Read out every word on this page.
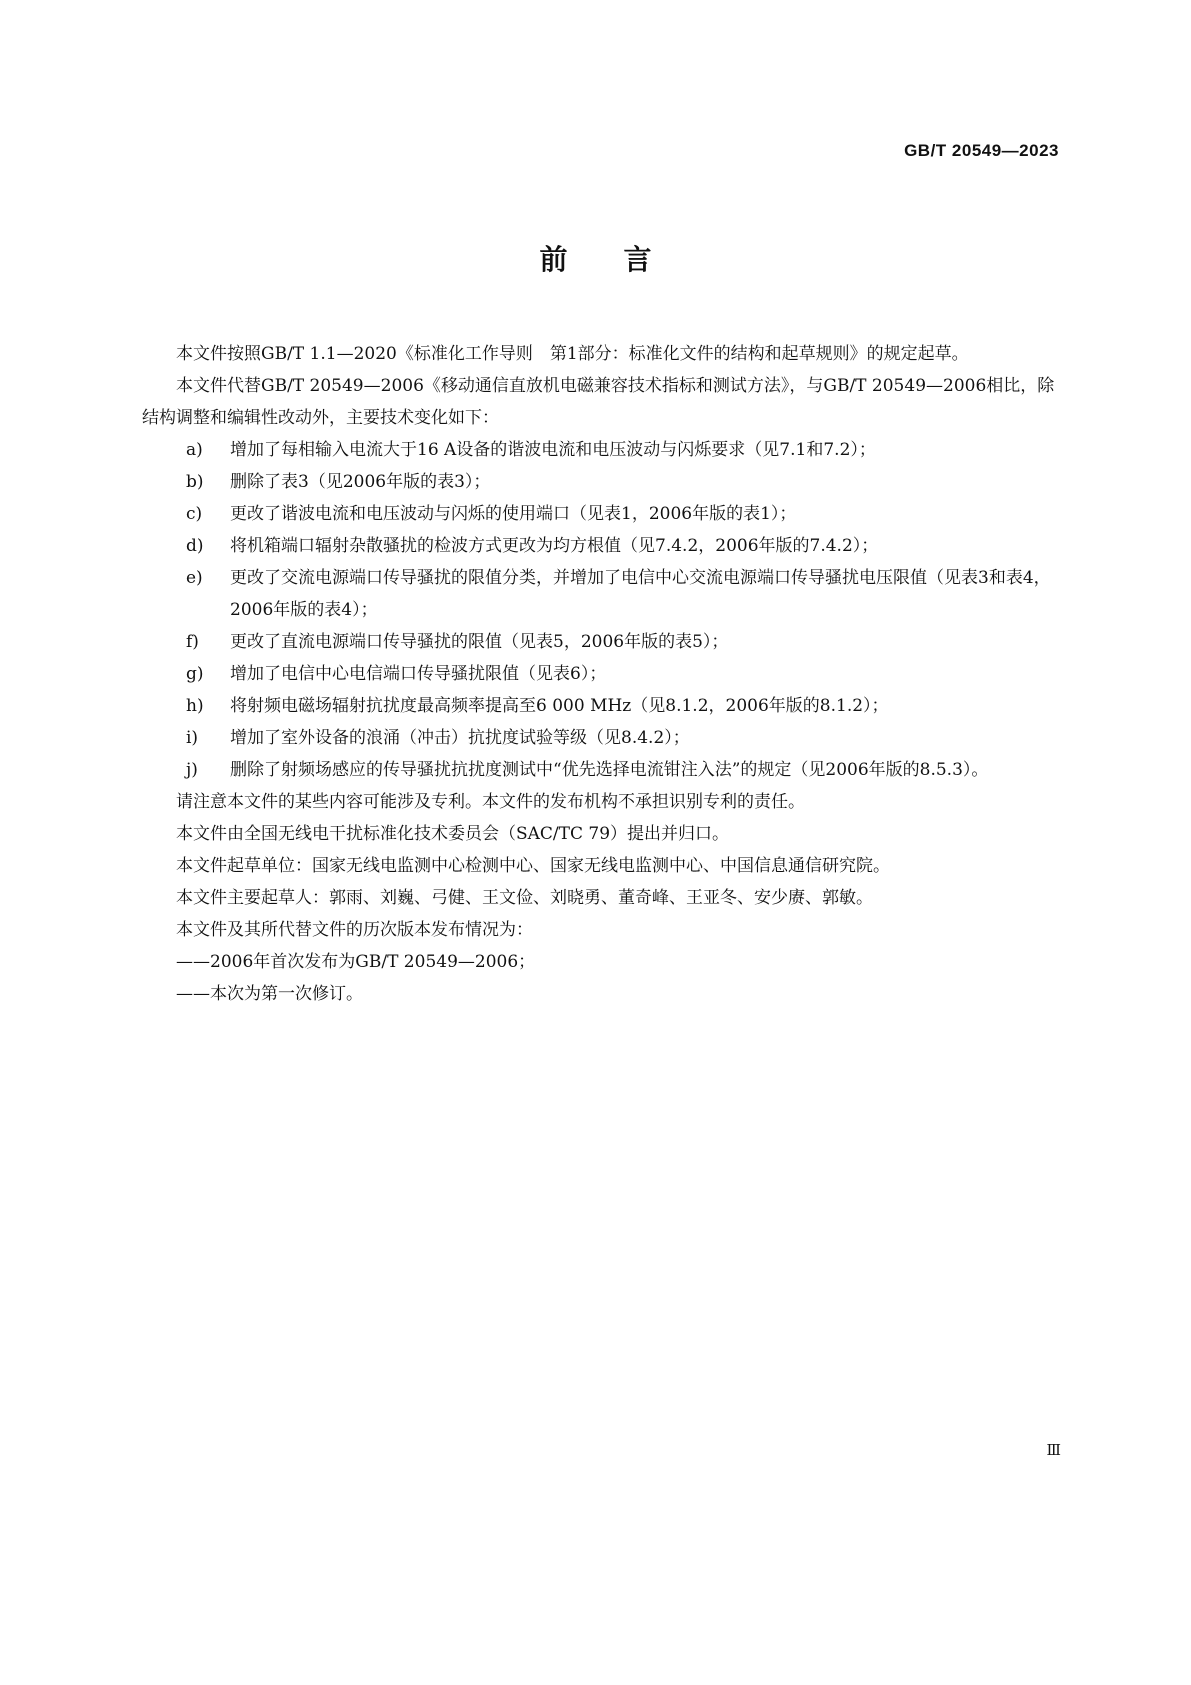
GB/T 20549—2023
前言

本文件按照GB/T 1.1—2020《标准化工作导则　第1部分：标准化文件的结构和起草规则》的规定起草。

本文件代替GB/T 20549—2006《移动通信直放机电磁兼容技术指标和测试方法》，与GB/T 20549—2006相比，除结构调整和编辑性改动外，主要技术变化如下：

a)	增加了每相输入电流大于16 A设备的谐波电流和电压波动与闪烁要求（见7.1和7.2）；
b)	删除了表3（见2006年版的表3）；
c)	更改了谐波电流和电压波动与闪烁的使用端口（见表1，2006年版的表1）；
d)	将机箱端口辐射杂散骚扰的检波方式更改为均方根值（见7.4.2，2006年版的7.4.2）；
e)	更改了交流电源端口传导骚扰的限值分类，并增加了电信中心交流电源端口传导骚扰电压限值（见表3和表4，2006年版的表4）；
f)	更改了直流电源端口传导骚扰的限值（见表5，2006年版的表5）；
g)	增加了电信中心电信端口传导骚扰限值（见表6）；
h)	将射频电磁场辐射抗扰度最高频率提高至6 000 MHz（见8.1.2，2006年版的8.1.2）；
i)	增加了室外设备的浪涌（冲击）抗扰度试验等级（见8.4.2）；
j)	删除了射频场感应的传导骚扰抗扰度测试中“优先选择电流钳注入法”的规定（见2006年版的8.5.3）。

请注意本文件的某些内容可能涉及专利。本文件的发布机构不承担识别专利的责任。

本文件由全国无线电干扰标准化技术委员会（SAC/TC 79）提出并归口。

本文件起草单位：国家无线电监测中心检测中心、国家无线电监测中心、中国信息通信研究院。

本文件主要起草人：郭雨、刘巍、弓健、王文俭、刘晓勇、董奇峰、王亚冬、安少赓、郭敏。

本文件及其所代替文件的历次版本发布情况为：

——2006年首次发布为GB/T 20549—2006；

——本次为第一次修订。

Ⅲ
